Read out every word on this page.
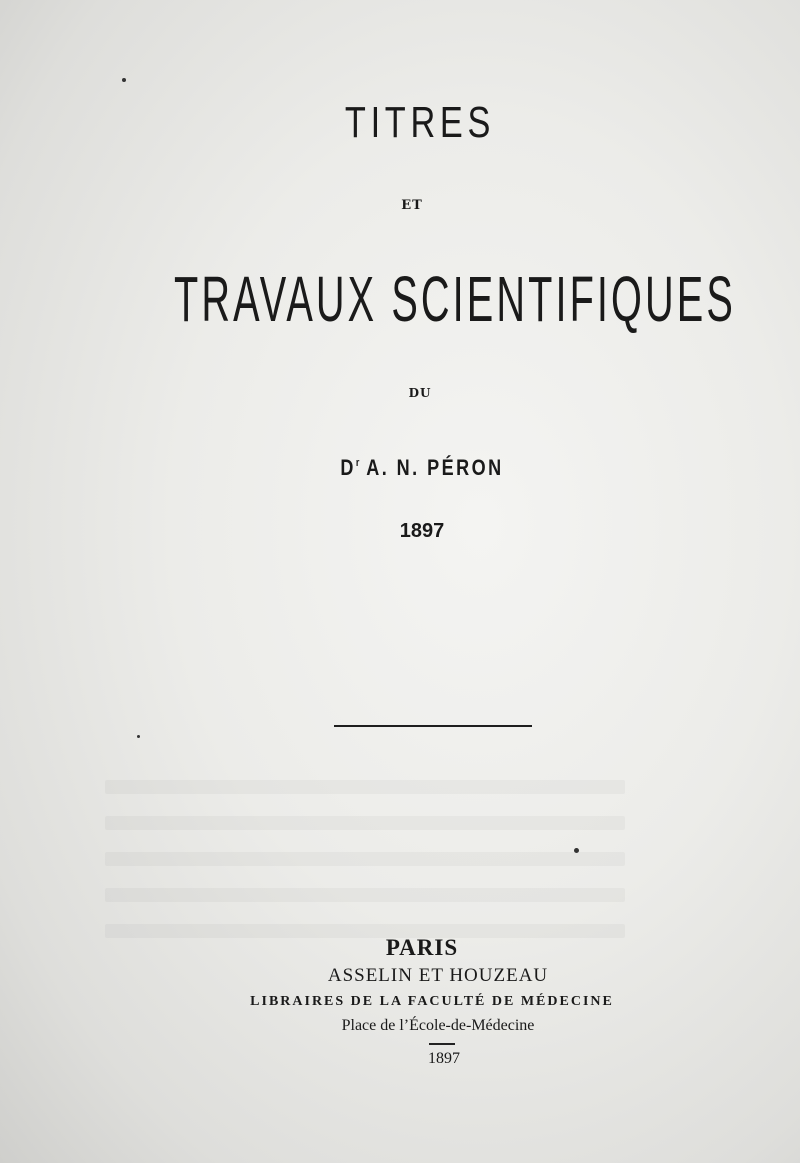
TITRES
ET
TRAVAUX SCIENTIFIQUES
DU
$D^r$ A. N. PÉRON
1897
PARIS
ASSELIN ET HOUZEAU
LIBRAIRES DE LA FACULTÉ DE MÉDECINE
Place de l’École-de-Médecine
1897
